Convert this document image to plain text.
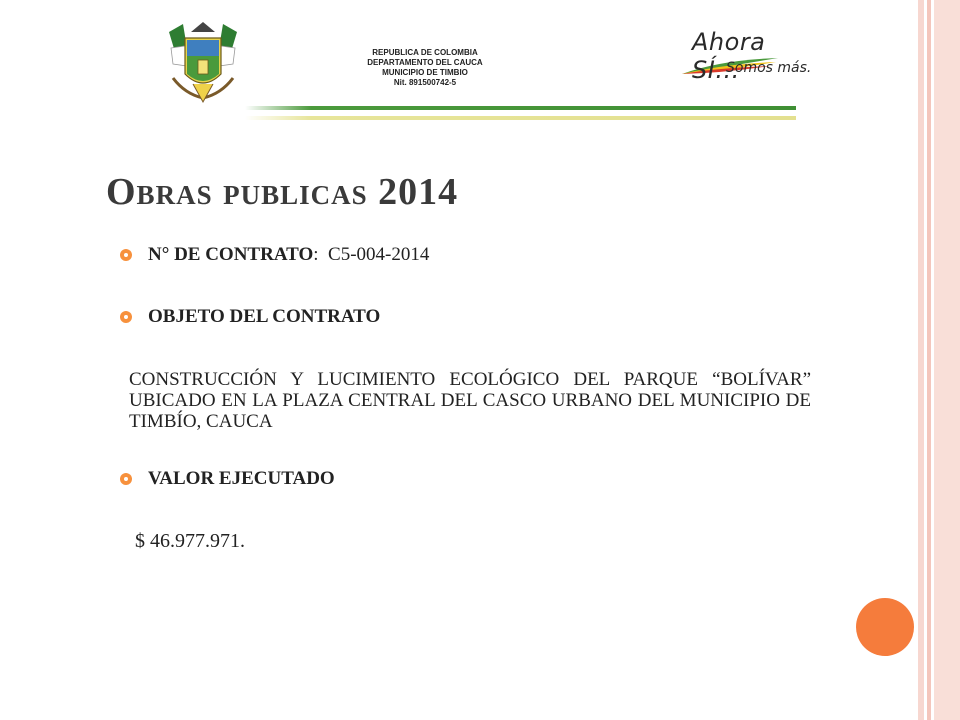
REPUBLICA DE COLOMBIA
DEPARTAMENTO DEL CAUCA
MUNICIPIO DE TIMBIO
Nit. 891500742-5
Ahora SÍ...
Somos más.
Obras publicas 2014
N° DE CONTRATO :
C5-004-2014
OBJETO DEL CONTRATO
CONSTRUCCIÓN Y LUCIMIENTO ECOLÓGICO DEL PARQUE “BOLÍVAR” UBICADO EN LA PLAZA CENTRAL DEL CASCO URBANO DEL MUNICIPIO DE TIMBÍO, CAUCA
VALOR EJECUTADO
$ 46.977.971.
